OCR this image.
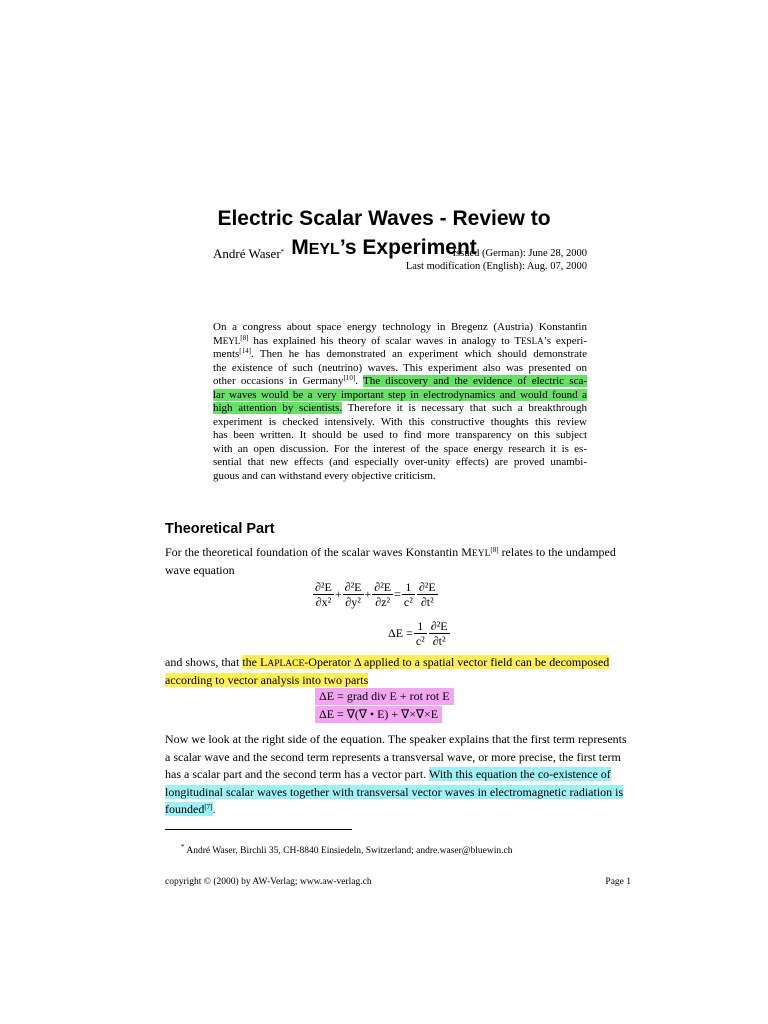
Electric Scalar Waves - Review to
MEYL’s Experiment
André Waser*	Issued (German): June 28, 2000
Last modification (English): Aug. 07, 2000
On a congress about space energy technology in Bregenz (Austria) Konstantin
MEYL[8] has explained his theory of scalar waves in analogy to TESLA’s experi-
ments[14]. Then he has demonstrated an experiment which should demonstrate
the existence of such (neutrino) waves. This experiment also was presented on
other occasions in Germany[10]. The discovery and the evidence of electric sca-
lar waves would be a very important step in electrodynamics and would found a
high attention by scientists. Therefore it is necessary that such a breakthrough
experiment is checked intensively. With this constructive thoughts this review
has been written. It should be used to find more transparency on this subject
with an open discussion. For the interest of the space energy research it is es-
sential that new effects (and especially over-unity effects) are proved unambi-
guous and can withstand every objective criticism.
Theoretical Part
For the theoretical foundation of the scalar waves Konstantin MEYL[8] relates to the undamped
wave equation
$\frac{\text{∂²E}}{\text{∂x²}} + \frac{\text{∂²E}}{\text{∂y²}} + \frac{\text{∂²E}}{\text{∂z²}} = \frac{1}{\text{c²}} \frac{\text{∂²E}}{\text{∂t²}}$
$\Delta E = \frac{1}{\text{c²}} \frac{\text{∂²E}}{\text{∂t²}}$
and shows, that the LAPLACE-Operator Δ applied to a spatial vector field can be decomposed
according to vector analysis into two parts
ΔE = grad div E + rot rot E
ΔE = ∇(∇ • E) + ∇×∇×E
Now we look at the right side of the equation. The speaker explains that the first term represents
a scalar wave and the second term represents a transversal wave, or more precise, the first term
has a scalar part and the second term has a vector part. With this equation the co-existence of
longitudinal scalar waves together with transversal vector waves in electromagnetic radiation is
founded[7].
* André Waser, Birchli 35, CH-8840 Einsiedeln, Switzerland; andre.waser@bluewin.ch
copyright © (2000) by AW-Verlag; www.aw-verlag.ch	Page 1
